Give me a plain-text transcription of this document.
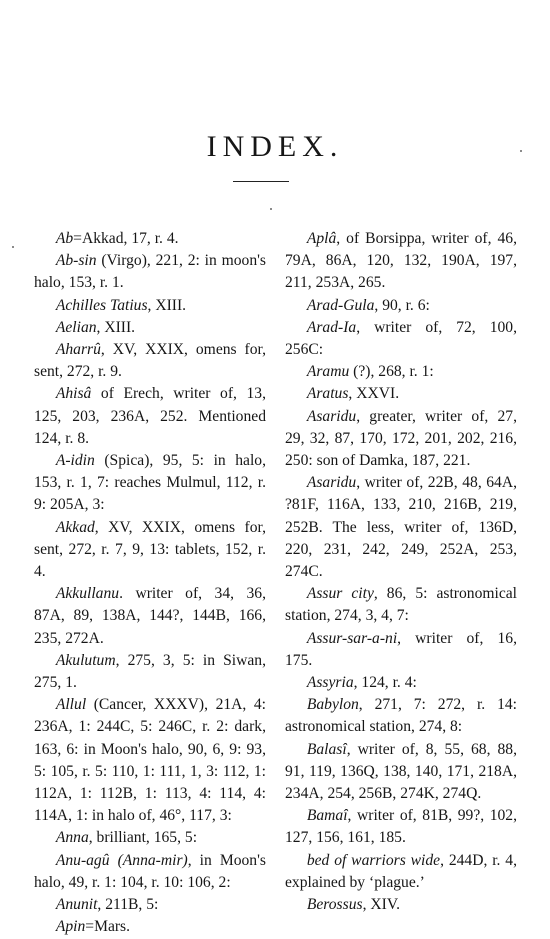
INDEX.

Ab=Akkad, 17, r. 4.

Ab-sin (Virgo), 221, 2: in moon's halo, 153, r. 1.

Achilles Tatius, XIII.

Aelian, XIII.

Aharrû, XV, XXIX, omens for, sent, 272, r. 9.

Ahisâ of Erech, writer of, 13, 125, 203, 236A, 252. Mentioned 124, r. 8.

A-idin (Spica), 95, 5: in halo, 153, r. 1, 7: reaches Mulmul, 112, r. 9: 205A, 3:

Akkad, XV, XXIX, omens for, sent, 272, r. 7, 9, 13: tablets, 152, r. 4.

Akkullanu. writer of, 34, 36, 87A, 89, 138A, 144?, 144B, 166, 235, 272A.

Akulutum, 275, 3, 5: in Siwan, 275, 1.

Allul (Cancer, XXXV), 21A, 4: 236A, 1: 244C, 5: 246C, r. 2: dark, 163, 6: in Moon's halo, 90, 6, 9: 93, 5: 105, r. 5: 110, 1: 111, 1, 3: 112, 1: 112A, 1: 112B, 1: 113, 4: 114, 4: 114A, 1: in halo of, 46°, 117, 3:

Anna, brilliant, 165, 5:

Anu-agû (Anna-mir), in Moon's halo, 49, r. 1: 104, r. 10: 106, 2:

Anunit, 211B, 5:

Apin=Mars.

Aplâ, of Borsippa, writer of, 46, 79A, 86A, 120, 132, 190A, 197, 211, 253A, 265.

Arad-Gula, 90, r. 6:

Arad-Ia, writer of, 72, 100, 256C:

Aramu (?), 268, r. 1:

Aratus, XXVI.

Asaridu, greater, writer of, 27, 29, 32, 87, 170, 172, 201, 202, 216, 250: son of Damka, 187, 221.

Asaridu, writer of, 22B, 48, 64A, ?81F, 116A, 133, 210, 216B, 219, 252B. The less, writer of, 136D, 220, 231, 242, 249, 252A, 253, 274C.

Assur city, 86, 5: astronomical station, 274, 3, 4, 7:

Assur-sar-a-ni, writer of, 16, 175.

Assyria, 124, r. 4:

Babylon, 271, 7: 272, r. 14: astronomical station, 274, 8:

Balasî, writer of, 8, 55, 68, 88, 91, 119, 136Q, 138, 140, 171, 218A, 234A, 254, 256B, 274K, 274Q.

Bamaî, writer of, 81B, 99?, 102, 127, 156, 161, 185.

bed of warriors wide, 244D, r. 4, explained by ‘plague.’

Berossus, XIV.
